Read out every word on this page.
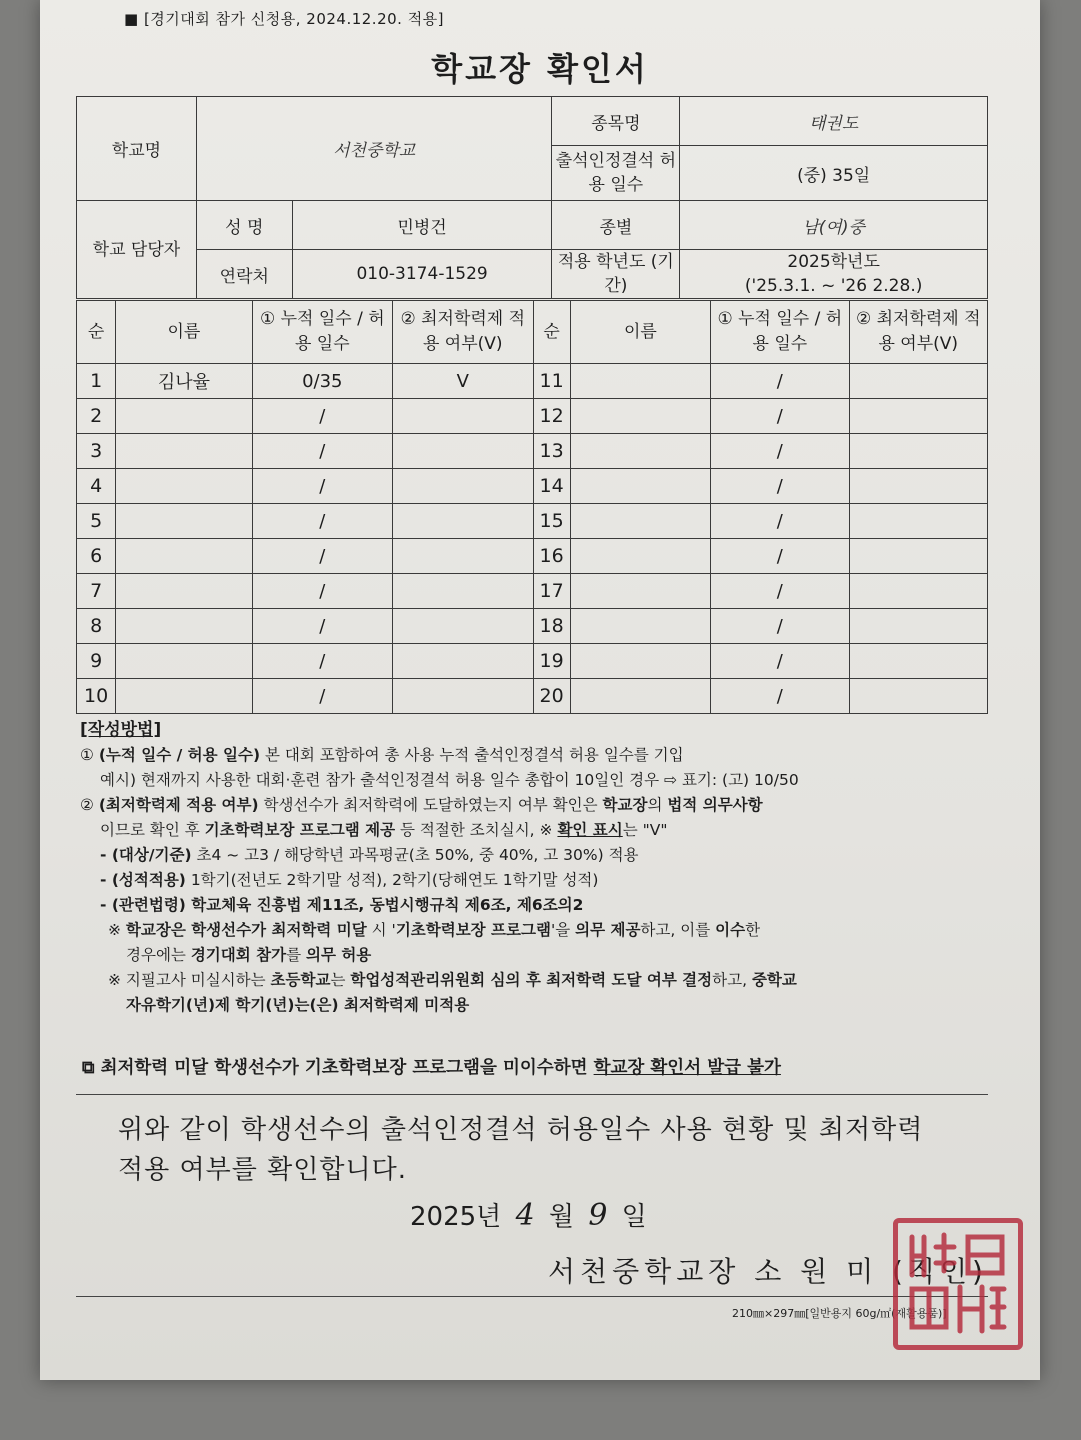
■ [경기대회 참가 신청용, 2024.12.20. 적용]
학교장 확인서
학교명	서천중학교		종목명	태권도
			출석인정결석 허용 일수	(중) 35일
학교 담당자	성 명	민병건	종별	남(여)중
	연락처	010-3174-1529	적용 학년도 (기간)	2025학년도
('25.3.1. ~ '26 2.28.)
순	이름	① 누적 일수 / 허용 일수	② 최저학력제 적용 여부(V)	순	이름	① 누적 일수 / 허용 일수	② 최저학력제 적용 여부(V)
1	김나율	0/35	V	11		/	
2		/		12		/	
3		/		13		/	
4		/		14		/	
5		/		15		/	
6		/		16		/	
7		/		17		/	
8		/		18		/	
9		/		19		/	
10		/		20		/	
[작성방법]
① (누적 일수 / 허용 일수) 본 대회 포함하여 총 사용 누적 출석인정결석 허용 일수를 기입
예시) 현재까지 사용한 대회·훈련 참가 출석인정결석 허용 일수 총합이 10일인 경우 ⇨ 표기: (고) 10/50
② (최저학력제 적용 여부) 학생선수가 최저학력에 도달하였는지 여부 확인은 학교장의 법적 의무사항
이므로 확인 후 기초학력보장 프로그램 제공 등 적절한 조치실시, ※ 확인 표시는 "V"
- (대상/기준) 초4 ~ 고3 / 해당학년 과목평균(초 50%, 중 40%, 고 30%) 적용
- (성적적용) 1학기(전년도 2학기말 성적), 2학기(당해연도 1학기말 성적)
- (관련법령) 학교체육 진흥법 제11조, 동법시행규칙 제6조, 제6조의2
※ 학교장은 학생선수가 최저학력 미달 시 '기초학력보장 프로그램'을 의무 제공하고, 이를 이수한
경우에는 경기대회 참가를 의무 허용
※ 지필고사 미실시하는 초등학교는 학업성적관리위원회 심의 후 최저학력 도달 여부 결정하고, 중학교
자유학기(년)제 학기(년)는(은) 최저학력제 미적용
⧉ 최저학력 미달 학생선수가 기초학력보장 프로그램을 미이수하면 학교장 확인서 발급 불가
위와 같이 학생선수의 출석인정결석 허용일수 사용 현황 및 최저학력
적용 여부를 확인합니다.
2025년 4 월 9 일
서천중학교장 소 원 미 (직인)
210㎜×297㎜[일반용지 60g/㎡(재활용품)]
